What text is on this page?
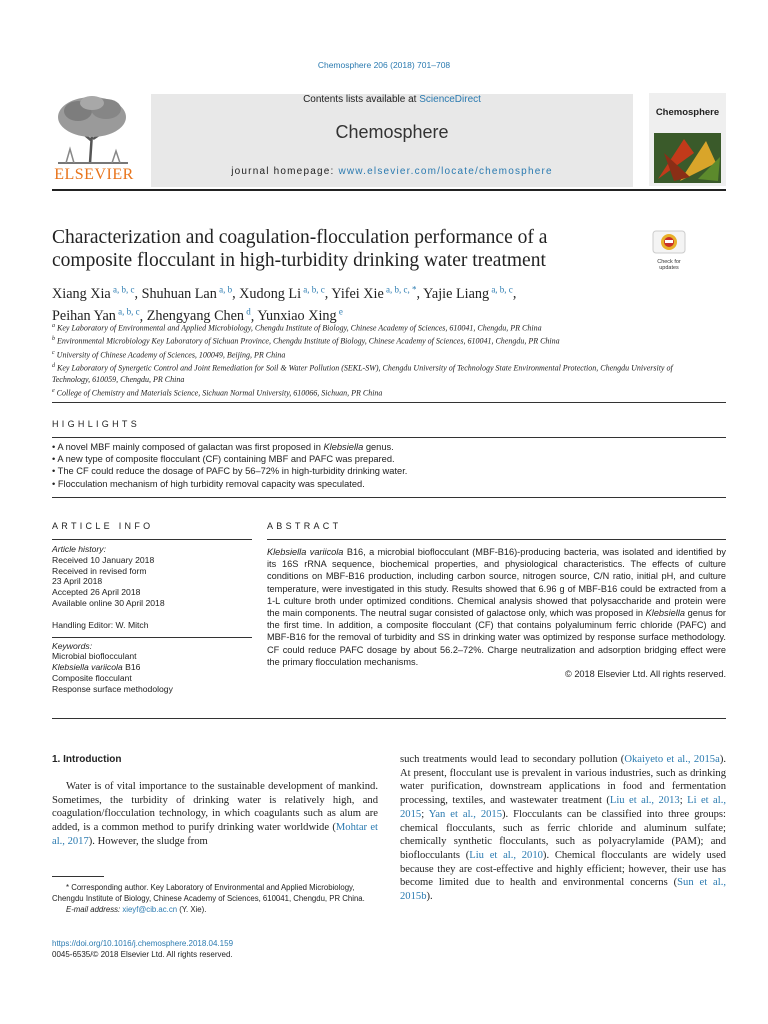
Chemosphere 206 (2018) 701–708
Contents lists available at ScienceDirect
Chemosphere
journal homepage: www.elsevier.com/locate/chemosphere
ELSEVIER
Chemosphere
Characterization and coagulation-flocculation performance of a composite flocculant in high-turbidity drinking water treatment	Check for updates
Xiang Xia $^{a, b, c}$, Shuhuan Lan $^{a, b}$, Xudong Li $^{a, b, c}$, Yifei Xie $^{a, b, c, *}$, Yajie Liang $^{a, b, c}$,
Peihan Yan $^{a, b, c}$, Zhengyang Chen $^d$, Yunxiao Xing $^e$
$^a$ Key Laboratory of Environmental and Applied Microbiology, Chengdu Institute of Biology, Chinese Academy of Sciences, 610041, Chengdu, PR China
$^b$ Environmental Microbiology Key Laboratory of Sichuan Province, Chengdu Institute of Biology, Chinese Academy of Sciences, 610041, Chengdu, PR China
$^c$ University of Chinese Academy of Sciences, 100049, Beijing, PR China
$^d$ Key Laboratory of Synergetic Control and Joint Remediation for Soil & Water Pollution (SEKL-SW), Chengdu University of Technology State Environmental Protection, Chengdu University of Technology, 610059, Chengdu, PR China
$^e$ College of Chemistry and Materials Science, Sichuan Normal University, 610066, Sichuan, PR China
HIGHLIGHTS
• A novel MBF mainly composed of galactan was first proposed in Klebsiella genus.
• A new type of composite flocculant (CF) containing MBF and PAFC was prepared.
• The CF could reduce the dosage of PAFC by 56–72% in high-turbidity drinking water.
• Flocculation mechanism of high turbidity removal capacity was speculated.
ARTICLE INFO	ABSTRACT
Article history:
Received 10 January 2018
Received in revised form
23 April 2018
Accepted 26 April 2018
Available online 30 April 2018
Handling Editor: W. Mitch
Keywords:
Microbial bioflocculant
Klebsiella variicola B16
Composite flocculant
Response surface methodology

Klebsiella variicola B16, a microbial bioflocculant (MBF-B16)-producing bacteria, was isolated and identified by its 16S rRNA sequence, biochemical properties, and physiological characteristics. The effects of culture conditions on MBF-B16 production, including carbon source, nitrogen source, C/N ratio, initial pH, and culture temperature, were investigated in this study. Results showed that 6.96 g of MBF-B16 could be extracted from a 1-L culture broth under optimized conditions. Chemical analysis showed that polysaccharide and protein were the main components. The neutral sugar consisted of galactose only, which was proposed in Klebsiella genus for the first time. In addition, a composite flocculant (CF) that contains polyaluminum ferric chloride (PAFC) and MBF-B16 for the removal of turbidity and SS in drinking water was optimized by response surface methodology. CF could reduce PAFC dosage by about 56.2–72%. Charge neutralization and adsorption bridging effect were the primary flocculation mechanisms.

© 2018 Elsevier Ltd. All rights reserved.

1. Introduction

Water is of vital importance to the sustainable development of mankind. Sometimes, the turbidity of drinking water is relatively high, and coagulation/flocculation technology, in which coagulants such as alum are added, is a common method to purify drinking water worldwide (Mohtar et al., 2017). However, the sludge from

such treatments would lead to secondary pollution (Okaiyeto et al., 2015a). At present, flocculant use is prevalent in various industries, such as drinking water purification, downstream applications in food and fermentation processing, textiles, and wastewater treatment (Liu et al., 2013; Li et al., 2015; Yan et al., 2015). Flocculants can be classified into three groups: chemical flocculants, such as ferric chloride and aluminum sulfate; chemically synthetic flocculants, such as polyacrylamide (PAM); and bioflocculants (Liu et al., 2010). Chemical flocculants are widely used because they are cost-effective and highly efficient; however, their use has become limited due to health and environmental concerns (Sun et al., 2015b).

* Corresponding author. Key Laboratory of Environmental and Applied Microbiology, Chengdu Institute of Biology, Chinese Academy of Sciences, 610041, Chengdu, PR China.

E-mail address: xieyf@cib.ac.cn (Y. Xie).

https://doi.org/10.1016/j.chemosphere.2018.04.159
0045-6535/© 2018 Elsevier Ltd. All rights reserved.
